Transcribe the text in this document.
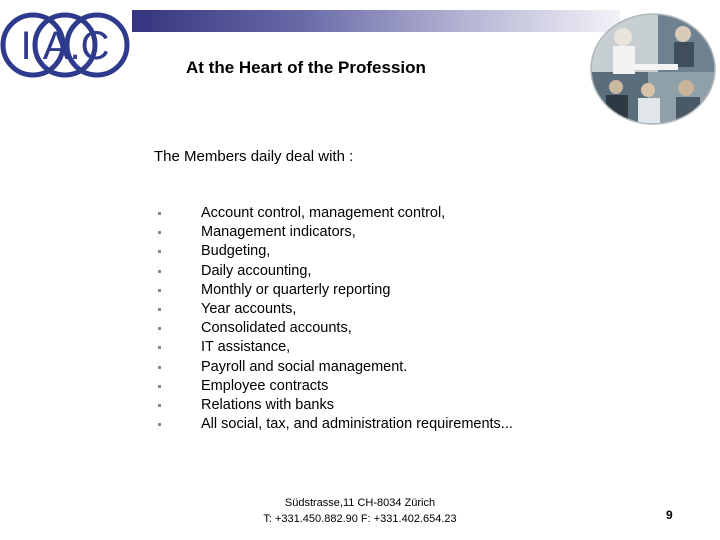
I.A.C	At the Heart of the Profession
The Members daily deal with :
Account control, management control,
Management indicators,
Budgeting,
Daily accounting,
Monthly or quarterly reporting
Year accounts,
Consolidated accounts,
IT assistance,
Payroll and social management.
Employee contracts
Relations with banks
All social, tax, and administration requirements...
Südstrasse,11 CH-8034 Zürich
T: +331.450.882.90 F: +331.402.654.23	9
